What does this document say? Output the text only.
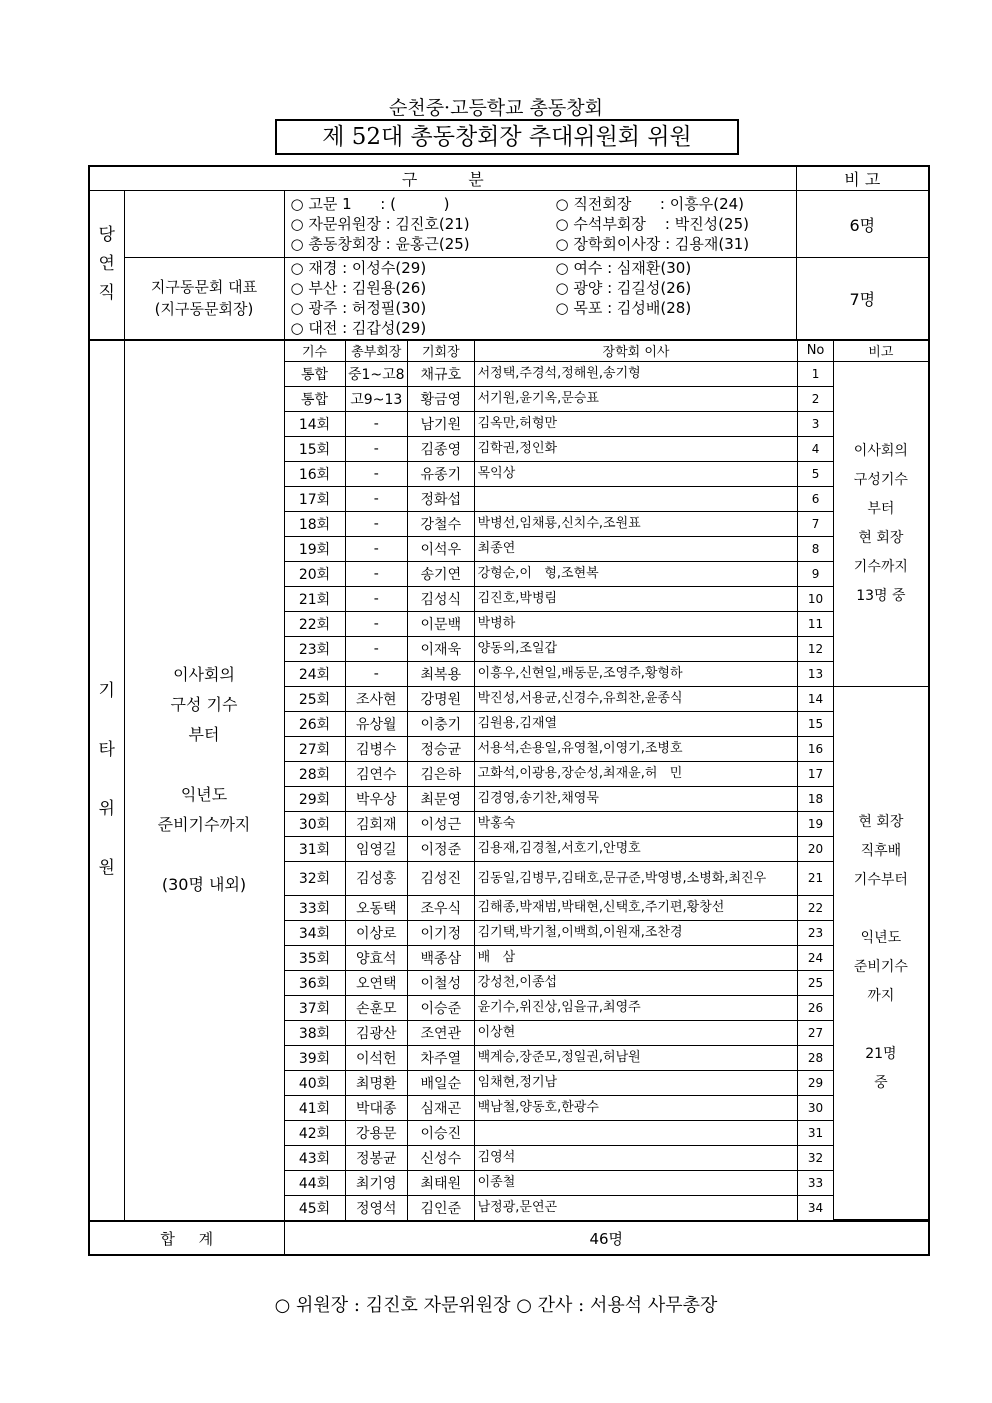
순천중·고등학교 총동창회
제 52대 총동창회장 추대위원회 위원
구          분	비 고

당
연
직

○ 고문 1      : (          )	○ 직전회장      : 이흥우(24)
○ 자문위원장 : 김진호(21)	○ 수석부회장    : 박진성(25)
○ 총동창회장 : 윤홍근(25)	○ 장학회이사장 : 김용재(31)
	6명

지구동문회 대표
(지구동문회장)

○ 재경 : 이성수(29)	○ 여수 : 심재환(30)
○ 부산 : 김원용(26)	○ 광양 : 김길성(26)
○ 광주 : 허정필(30)	○ 목포 : 김성배(28)
○ 대전 : 김갑성(29)
	7명

기
타
위
원

이사회의
구성 기수
부터

익년도
준비기수까지

(30명 내외)

기수	총부회장	기회장	장학회 이사	No	비고
통합	중1~고8	채규호	서정택,주경석,정해원,송기형	1	
이사회의
구성기수
부터
현 회장
기수까지
13명 중

통합	고9~13	황금영	서기원,윤기옥,문승표	2
14회	-	남기원	김옥만,허형만	3
15회	-	김종영	김학권,정인화	4
16회	-	유종기	목익상	5
17회	-	정화섭		6
18회	-	강철수	박병선,임채룡,신치수,조원표	7
19회	-	이석우	최종연	8
20회	-	송기연	강형순,이   형,조현복	9
21회	-	김성식	김진호,박병림	10
22회	-	이문백	박병하	11
23회	-	이재욱	양동의,조일갑	12
24회	-	최복용	이흥우,신현일,배동문,조영주,황형하	13
25회	조사현	강명원	박진성,서용균,신경수,유희찬,윤종식	14	
현 회장
직후배
기수부터

익년도
준비기수
까지

21명
중

26회	유상월	이충기	김원용,김재열	15
27회	김병수	정승균	서용석,손용일,유영철,이영기,조병호	16
28회	김연수	김은하	고화석,이광용,장순성,최재윤,허   민	17
29회	박우상	최문영	김경영,송기찬,채영묵	18
30회	김회재	이성근	박홍숙	19
31회	임영길	이정준	김용재,김경철,서호기,안명호	20
32회	김성홍	김성진	김동일,김병무,김태호,문규준,박영병,소병화,최진우	21
33회	오동택	조우식	김해종,박재범,박태현,신택호,주기편,황창선	22
34회	이상로	이기정	김기택,박기철,이백희,이원재,조찬경	23
35회	양효석	백종삼	배   삼	24
36회	오연택	이철성	강성천,이종섭	25
37회	손훈모	이승준	윤기수,위진상,임을규,최영주	26
38회	김광산	조연관	이상현	27
39회	이석헌	차주열	백계승,장준모,정일권,허남원	28
40회	최명환	배일순	임채현,정기남	29
41회	박대종	심재곤	백남철,양동호,한광수	30
42회	강용문	이승진		31
43회	정봉균	신성수	김영석	32
44회	최기영	최태원	이종철	33
45회	정영석	김인준	남정광,문연곤	34

합     계	46명
○ 위원장 : 김진호 자문위원장 ○ 간사 : 서용석 사무총장
